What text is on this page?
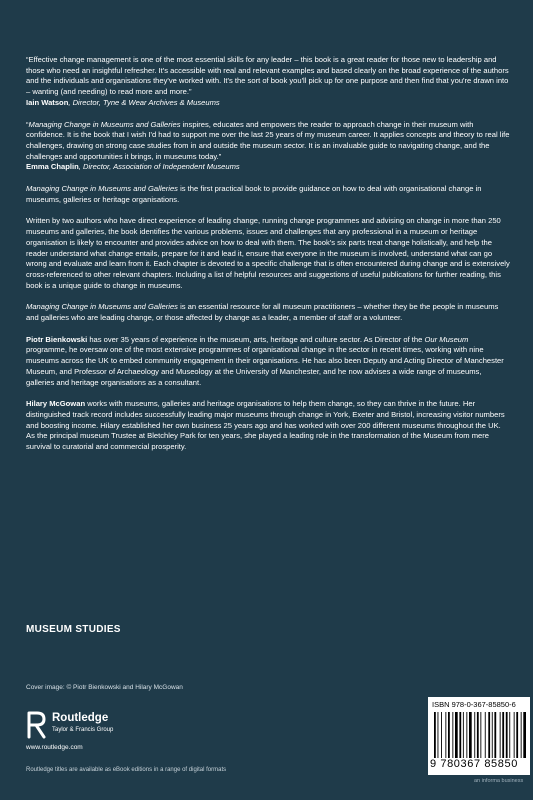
“Effective change management is one of the most essential skills for any leader – this book is a great reader for those new to leadership and those who need an insightful refresher. It's accessible with real and relevant examples and based clearly on the broad experience of the authors and the individuals and organisations they've worked with. It's the sort of book you'll pick up for one purpose and then find that you're drawn into – wanting (and needing) to read more and more.”

Iain Watson, Director, Tyne & Wear Archives & Museums

“Managing Change in Museums and Galleries inspires, educates and empowers the reader to approach change in their museum with confidence. It is the book that I wish I'd had to support me over the last 25 years of my museum career. It applies concepts and theory to real life challenges, drawing on strong case studies from in and outside the museum sector. It is an invaluable guide to navigating change, and the challenges and opportunities it brings, in museums today.”

Emma Chaplin, Director, Association of Independent Museums

Managing Change in Museums and Galleries is the first practical book to provide guidance on how to deal with organisational change in museums, galleries or heritage organisations.

Written by two authors who have direct experience of leading change, running change programmes and advising on change in more than 250 museums and galleries, the book identifies the various problems, issues and challenges that any professional in a museum or heritage organisation is likely to encounter and provides advice on how to deal with them. The book's six parts treat change holistically, and help the reader understand what change entails, prepare for it and lead it, ensure that everyone in the museum is involved, understand what can go wrong and evaluate and learn from it. Each chapter is devoted to a specific challenge that is often encountered during change and is extensively cross-referenced to other relevant chapters. Including a list of helpful resources and suggestions of useful publications for further reading, this book is a unique guide to change in museums.

Managing Change in Museums and Galleries is an essential resource for all museum practitioners – whether they be the people in museums and galleries who are leading change, or those affected by change as a leader, a member of staff or a volunteer.

Piotr Bienkowski has over 35 years of experience in the museum, arts, heritage and culture sector. As Director of the Our Museum programme, he oversaw one of the most extensive programmes of organisational change in the sector in recent times, working with nine museums across the UK to embed community engagement in their organisations. He has also been Deputy and Acting Director of Manchester Museum, and Professor of Archaeology and Museology at the University of Manchester, and he now advises a wide range of museums, galleries and heritage organisations as a consultant.

Hilary McGowan works with museums, galleries and heritage organisations to help them change, so they can thrive in the future. Her distinguished track record includes successfully leading major museums through change in York, Exeter and Bristol, increasing visitor numbers and boosting income. Hilary established her own business 25 years ago and has worked with over 200 different museums throughout the UK. As the principal museum Trustee at Bletchley Park for ten years, she played a leading role in the transformation of the Museum from mere survival to curatorial and commercial prosperity.

MUSEUM STUDIES
Cover image: © Piotr Bienkowski and Hilary McGowan
Routledge
Taylor & Francis Group
www.routledge.com
Routledge titles are available as eBook editions in a range of digital formats
ISBN 978-0-367-85850-6
9 780367 85850
an informa business
